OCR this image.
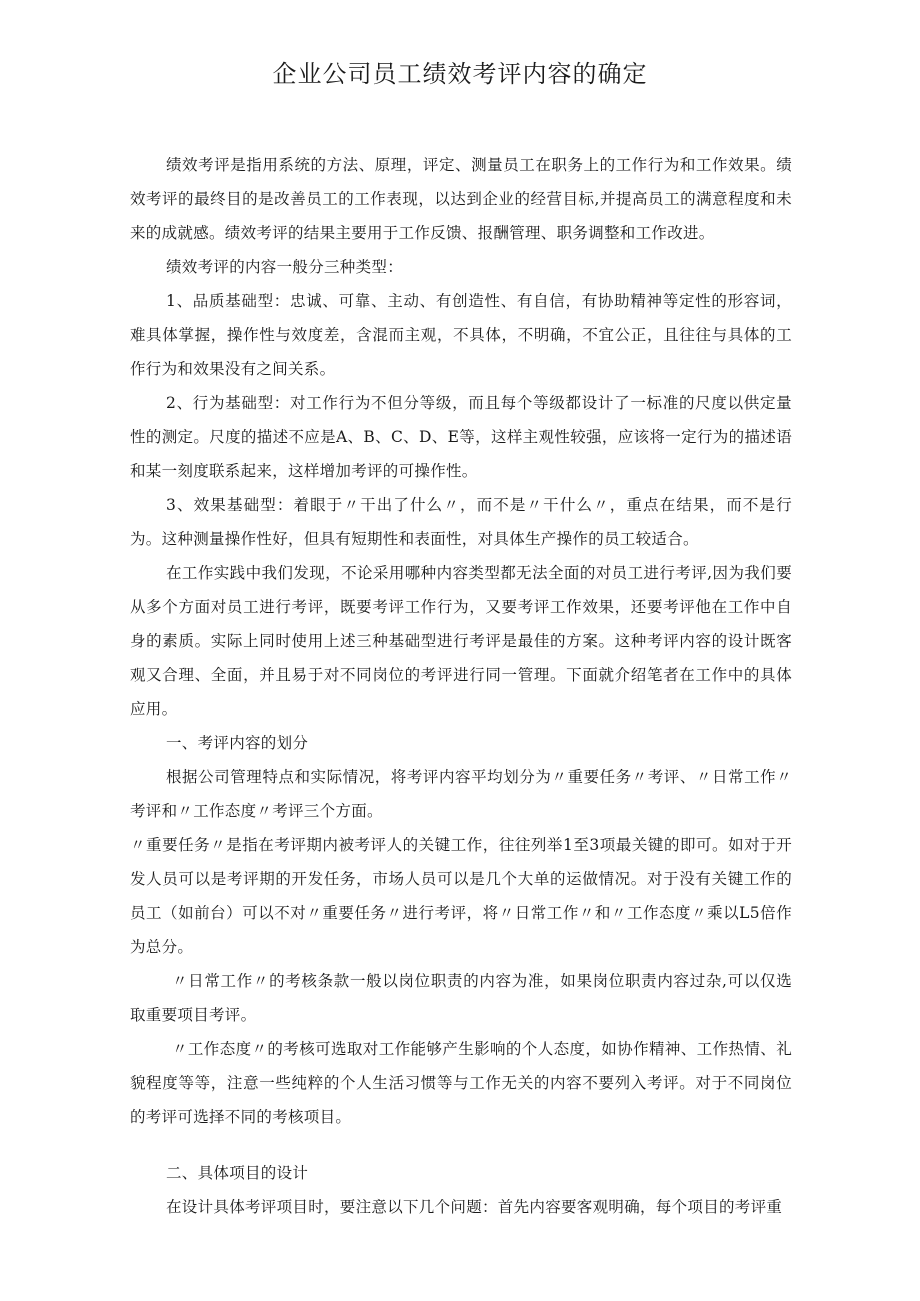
企业公司员工绩效考评内容的确定

绩效考评是指用系统的方法、原理，评定、测量员工在职务上的工作行为和工作效果。绩效考评的最终目的是改善员工的工作表现，以达到企业的经营目标,并提高员工的满意程度和未来的成就感。绩效考评的结果主要用于工作反馈、报酬管理、职务调整和工作改进。

绩效考评的内容一般分三种类型：

1、品质基础型：忠诚、可靠、主动、有创造性、有自信，有协助精神等定性的形容词，难具体掌握，操作性与效度差，含混而主观，不具体，不明确，不宜公正，且往往与具体的工作行为和效果没有之间关系。

2、行为基础型：对工作行为不但分等级，而且每个等级都设计了一标准的尺度以供定量性的测定。尺度的描述不应是A、B、C、D、E等，这样主观性较强，应该将一定行为的描述语和某一刻度联系起来，这样增加考评的可操作性。

3、效果基础型：着眼于〃干出了什么〃，而不是〃干什么〃，重点在结果，而不是行为。这种测量操作性好，但具有短期性和表面性，对具体生产操作的员工较适合。

在工作实践中我们发现，不论采用哪种内容类型都无法全面的对员工进行考评,因为我们要从多个方面对员工进行考评，既要考评工作行为，又要考评工作效果，还要考评他在工作中自身的素质。实际上同时使用上述三种基础型进行考评是最佳的方案。这种考评内容的设计既客观又合理、全面，并且易于对不同岗位的考评进行同一管理。下面就介绍笔者在工作中的具体应用。

一、考评内容的划分

根据公司管理特点和实际情况，将考评内容平均划分为〃重要任务〃考评、〃日常工作〃考评和〃工作态度〃考评三个方面。

〃重要任务〃是指在考评期内被考评人的关键工作，往往列举1至3项最关键的即可。如对于开发人员可以是考评期的开发任务，市场人员可以是几个大单的运做情况。对于没有关键工作的员工（如前台）可以不对〃重要任务〃进行考评，将〃日常工作〃和〃工作态度〃乘以L5倍作为总分。

〃日常工作〃的考核条款一般以岗位职责的内容为准，如果岗位职责内容过杂,可以仅选取重要项目考评。

〃工作态度〃的考核可选取对工作能够产生影响的个人态度，如协作精神、工作热情、礼貌程度等等，注意一些纯粹的个人生活习惯等与工作无关的内容不要列入考评。对于不同岗位的考评可选择不同的考核项目。

二、具体项目的设计

在设计具体考评项目时，要注意以下几个问题：首先内容要客观明确，每个项目的考评重
